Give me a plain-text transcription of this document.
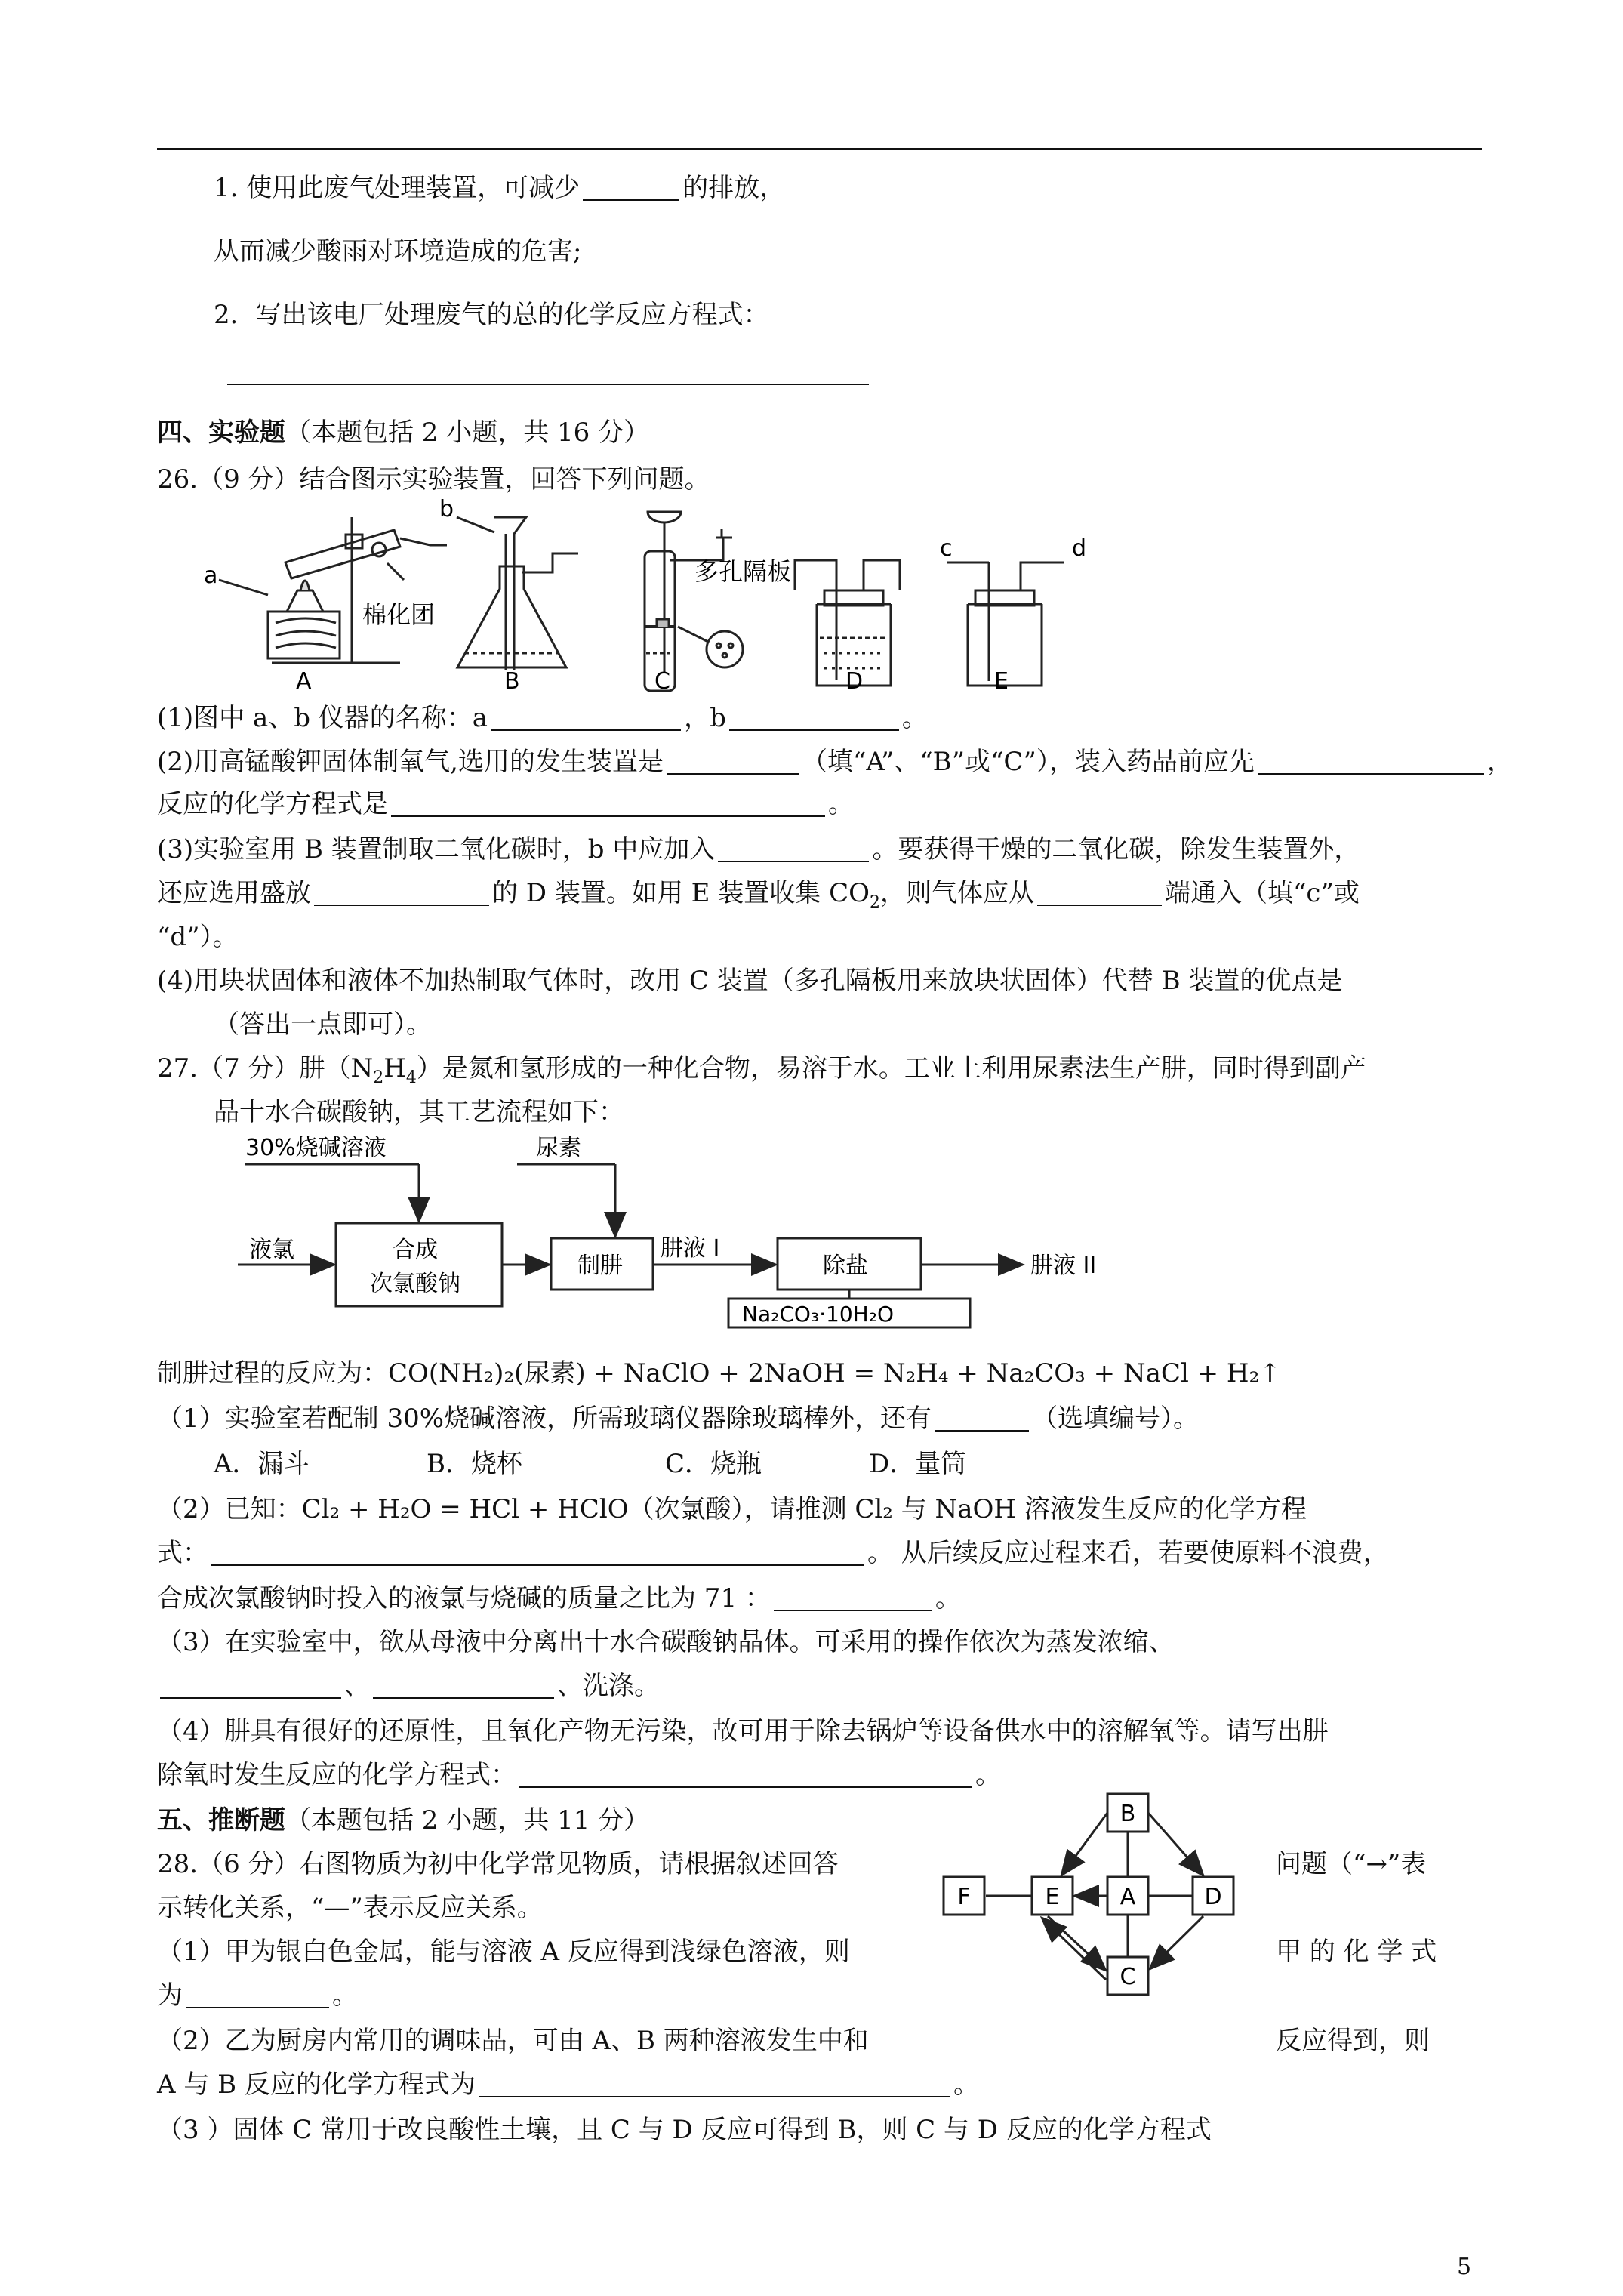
1. 使用此废气处理装置，可减少	的排放，
从而减少酸雨对环境造成的危害;
2．写出该电厂处理废气的总的化学反应方程式：
四、实验题（本题包括 2 小题，共 16 分）
26.（9 分）结合图示实验装置，回答下列问题。
a
b
c	d
棉化团
多孔隔板
A	B	C	D	E
(1)图中 a、b 仪器的名称：a	，b	。
(2)用高锰酸钾固体制氧气,选用的发生装置是	（填“A”、“B”或“C”），装入药品前应先	，
反应的化学方程式是	。
(3)实验室用 B 装置制取二氧化碳时，b 中应加入	。要获得干燥的二氧化碳，除发生装置外，
还应选用盛放	的 D 装置。如用 E 装置收集 $CO_2$，则气体应从	端通入（填“c”或
“d”）。
(4)用块状固体和液体不加热制取气体时，改用 C 装置（多孔隔板用来放块状固体）代替 B 装置的优点是
（答出一点即可）。
27.（7 分）肼$(N_2H_4)$是氮和氢形成的一种化合物，易溶于水。工业上利用尿素法生产肼，同时得到副产
品十水合碳酸钠，其工艺流程如下：
30%烧碱溶液	尿素
液氯	合成
次氯酸钠
制肼
肼液 I
除盐	肼液 II
Na₂CO₃·10H₂O
制肼过程的反应为：CO(NH₂)₂(尿素) + NaClO + 2NaOH = N₂H₄ + Na₂CO₃ + NaCl + H₂↑
（1）实验室若配制 30%烧碱溶液，所需玻璃仪器除玻璃棒外，还有	（选填编号）。
A．漏斗	B．烧杯	C．烧瓶	D．量筒
（2）已知：Cl₂ + H₂O = HCl + HClO（次氯酸），请推测 Cl₂ 与 NaOH 溶液发生反应的化学方程
式：	。 从后续反应过程来看，若要使原料不浪费，
合成次氯酸钠时投入的液氯与烧碱的质量之比为 71 ：	。
（3）在实验室中，欲从母液中分离出十水合碳酸钠晶体。可采用的操作依次为蒸发浓缩、
、	、洗涤。
（4）肼具有很好的还原性，且氧化产物无污染，故可用于除去锅炉等设备供水中的溶解氧等。请写出肼
除氧时发生反应的化学方程式：	。
五、推断题（本题包括 2 小题，共 11 分）
28.（6 分）右图物质为初中化学常见物质，请根据叙述回答	问题（“→”表
示转化关系，“—”表示反应关系。
（1）甲为银白色金属，能与溶液 A 反应得到浅绿色溶液，则	甲 的 化 学 式
为	。
（2）乙为厨房内常用的调味品，可由 A、B 两种溶液发生中和	反应得到，则
A 与 B 反应的化学方程式为	。
（3 ）固体 C 常用于改良酸性土壤，且 C 与 D 反应可得到 B，则 C 与 D 反应的化学方程式
B
F	E	A	D
C
5
